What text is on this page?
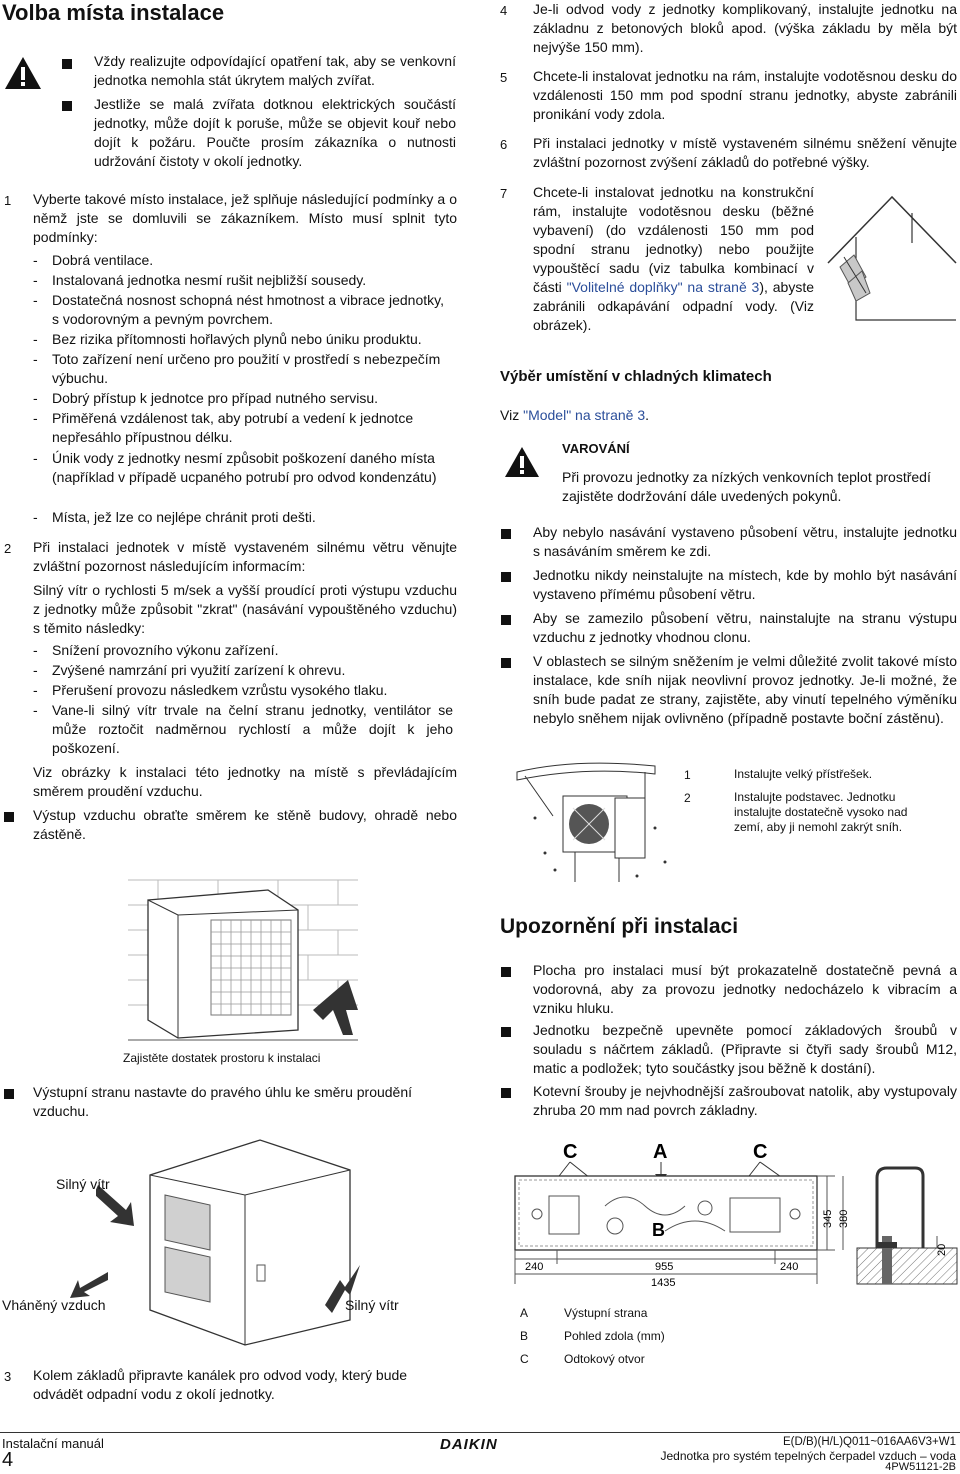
Volba místa instalace
Vždy realizujte odpovídající opatření tak, aby se venkovní jednotka nemohla stát úkrytem malých zvířat.
Jestliže se malá zvířata dotknou elektrických součástí jednotky, může dojít k poruše, může se objevit kouř nebo dojít k požáru. Poučte prosím zákazníka o nutnosti udržování čistoty v okolí jednotky.
1 Vyberte takové místo instalace, jež splňuje následující podmínky a o němž jste se domluvili se zákazníkem. Místo musí splnit tyto podmínky:
- Dobrá ventilace.
- Instalovaná jednotka nesmí rušit nejbližší sousedy.
- Dostatečná nosnost schopná nést hmotnost a vibrace jednotky, s vodorovným a pevným povrchem.
- Bez rizika přítomnosti hořlavých plynů nebo úniku produktu.
- Toto zařízení není určeno pro použití v prostředí s nebezpečím výbuchu.
- Dobrý přístup k jednotce pro případ nutného servisu.
- Přiměřená vzdálenost tak, aby potrubí a vedení k jednotce nepřesáhlo přípustnou délku.
- Únik vody z jednotky nesmí způsobit poškození daného místa (například v případě ucpaného potrubí pro odvod kondenzátu)
- Místa, jež lze co nejlépe chránit proti dešti.
2 Při instalaci jednotek v místě vystaveném silnému větru věnujte zvláštní pozornost následujícím informacím:
Silný vítr o rychlosti 5 m/sek a vyšší proudící proti výstupu vzduchu z jednotky může způsobit "zkrat" (nasávání vypouštěného vzduchu) s těmito následky:
- Snížení provozního výkonu zařízení.
- Zvýšené namrzání pri využití zarízení k ohrevu.
- Přerušení provozu následkem vzrůstu vysokého tlaku.
- Vane-li silný vítr trvale na čelní stranu jednotky, ventilátor se může roztočit nadměrnou rychlostí a může dojít k jeho poškození.
Viz obrázky k instalaci této jednotky na místě s převládajícím směrem proudění vzduchu.
Výstup vzduchu obraťte směrem ke stěně budovy, ohradě nebo zástěně.
Zajistěte dostatek prostoru k instalaci
Výstupní stranu nastavte do pravého úhlu ke směru proudění vzduchu.
Silný vítr
Vháněný vzduch	Silný vítr
3 Kolem základů připravte kanálek pro odvod vody, který bude odvádět odpadní vodu z okolí jednotky.
4 Je-li odvod vody z jednotky komplikovaný, instalujte jednotku na základnu z betonových bloků apod. (výška základu by měla být nejvýše 150 mm).
5 Chcete-li instalovat jednotku na rám, instalujte vodotěsnou desku do vzdálenosti 150 mm pod spodní stranu jednotky, abyste zabránili pronikání vody zdola.
6 Při instalaci jednotky v místě vystaveném silnému sněžení věnujte zvláštní pozornost zvýšení základů do potřebné výšky.
7 Chcete-li instalovat jednotku na konstrukční rám, instalujte vodotěsnou desku (běžné vybavení) (do vzdálenosti 150 mm pod spodní stranu jednotky) nebo použijte vypouštěcí sadu (viz tabulka kombinací v části "Volitelné doplňky" na straně 3), abyste zabránili odkapávání odpadní vody. (Viz obrázek).
Výběr umístění v chladných klimatech
Viz "Model" na straně 3.
VAROVÁNÍ
Při provozu jednotky za nízkých venkovních teplot prostředí zajistěte dodržování dále uvedených pokynů.
Aby nebylo nasávání vystaveno působení větru, instalujte jednotku s nasáváním směrem ke zdi.
Jednotku nikdy neinstalujte na místech, kde by mohlo být nasávání vystaveno přímému působení větru.
Aby se zamezilo působení větru, nainstalujte na stranu výstupu vzduchu z jednotky vhodnou clonu.
V oblastech se silným sněžením je velmi důležité zvolit takové místo instalace, kde sníh nijak neovlivní provoz jednotky. Je-li možné, že sníh bude padat ze strany, zajistěte, aby vinutí tepelného výměníku nebylo sněhem nijak ovlivněno (případně postavte boční zástěnu).
1	Instalujte velký přístřešek.
2	Instalujte podstavec. Jednotku instalujte dostatečně vysoko nad zemí, aby ji nemohl zakrýt sníh.
Upozornění při instalaci
Plocha pro instalaci musí být prokazatelně dostatečně pevná a vodorovná, aby za provozu jednotky nedocházelo k vibracím a vzniku hluku.
Jednotku bezpečně upevněte pomocí základových šroubů v souladu s náčrtem základů. (Připravte si čtyři sady šroubů M12, matic a podložek; tyto součástky jsou běžně k dostání).
Kotevní šrouby je nejvhodnější zašroubovat natolik, aby vystupovaly zhruba 20 mm nad povrch základny.
C	A	C
B
345 380
240	955	240
1435
20
A	Výstupní strana
B	Pohled zdola (mm)
C	Odtokový otvor
Instalační manuál
4
DAIKIN	E(D/B)(H/L)Q011~016AA6V3+W1
Jednotka pro systém tepelných čerpadel vzduch – voda
4PW51121-2B
